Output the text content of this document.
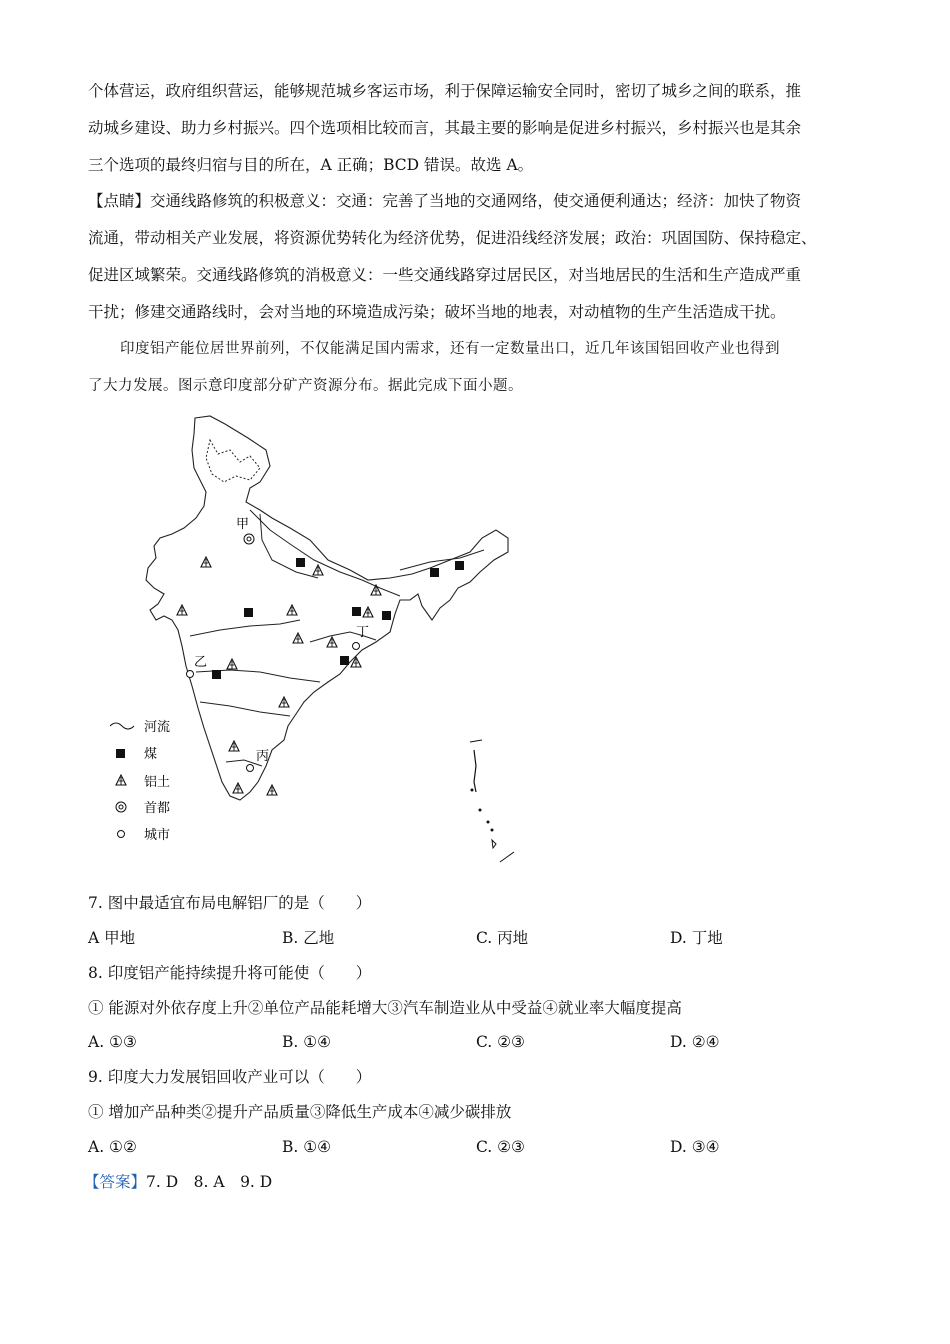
个体营运，政府组织营运，能够规范城乡客运市场，利于保障运输安全同时，密切了城乡之间的联系，推
动城乡建设、助力乡村振兴。四个选项相比较而言，其最主要的影响是促进乡村振兴，乡村振兴也是其余
三个选项的最终归宿与目的所在，A 正确；BCD 错误。故选 A。
【点睛】交通线路修筑的积极意义：交通：完善了当地的交通网络，使交通便利通达；经济：加快了物资
流通，带动相关产业发展，将资源优势转化为经济优势，促进沿线经济发展；政治：巩固国防、保持稳定、
促进区域繁荣。交通线路修筑的消极意义：一些交通线路穿过居民区，对当地居民的生活和生产造成严重
干扰；修建交通路线时，会对当地的环境造成污染；破坏当地的地表，对动植物的生产生活造成干扰。
印度铝产能位居世界前列，不仅能满足国内需求，还有一定数量出口，近几年该国铝回收产业也得到
了大力发展。图示意印度部分矿产资源分布。据此完成下面小题。
甲
乙
丙
丁
河流
煤
铝土
首都
城市
7. 图中最适宜布局电解铝厂的是（　　）
A 甲地	B. 乙地	C. 丙地	D. 丁地
8. 印度铝产能持续提升将可能使（　　）
① 能源对外依存度上升②单位产品能耗增大③汽车制造业从中受益④就业率大幅度提高
A. ①③	B. ①④	C. ②③	D. ②④
9. 印度大力发展铝回收产业可以（　　）
① 增加产品种类②提升产品质量③降低生产成本④减少碳排放
A. ①②	B. ①④	C. ②③	D. ③④
【答案】7. D　8. A　9. D
